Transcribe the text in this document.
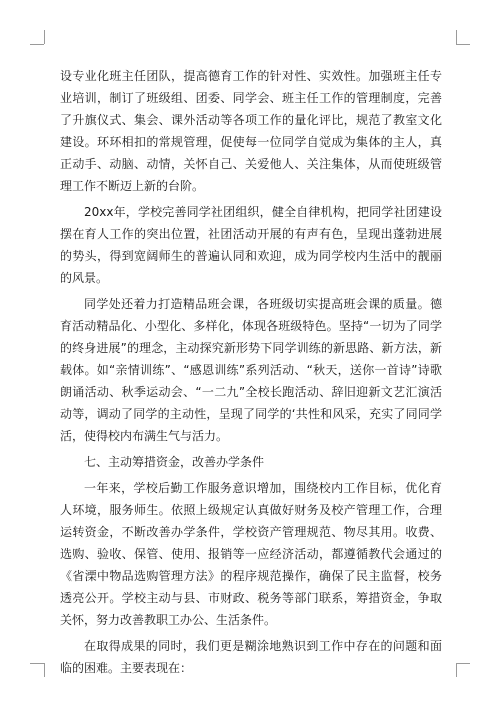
设专业化班主任团队，提高德育工作的针对性、实效性。加强班主任专业培训，制订了班级组、团委、同学会、班主任工作的管理制度，完善了升旗仪式、集会、课外活动等各项工作的量化评比，规范了教室文化建设。环环相扣的常规管理，促使每一位同学自觉成为集体的主人，真正动手、动脑、动情，关怀自己、关爱他人、关注集体，从而使班级管理工作不断迈上新的台阶。

20xx年，学校完善同学社团组织，健全自律机构，把同学社团建设摆在育人工作的突出位置，社团活动开展的有声有色，呈现出蓬勃进展的势头，得到宽阔师生的普遍认同和欢迎，成为同学校内生活中的靓丽的风景。

同学处还着力打造精品班会课，各班级切实提高班会课的质量。德育活动精品化、小型化、多样化，体现各班级特色。坚持“一切为了同学的终身进展”的理念，主动探究新形势下同学训练的新思路、新方法，新载体。如“亲情训练”、“感恩训练”系列活动、“秋天，送你一首诗”诗歌朗诵活动、秋季运动会、“一二九”全校长跑活动、辞旧迎新文艺汇演活动等，调动了同学的主动性，呈现了同学的‘共性和风采，充实了同同学活，使得校内布满生气与活力。

七、主动筹措资金，改善办学条件

一年来，学校后勤工作服务意识增加，围绕校内工作目标，优化育人环境，服务师生。依照上级规定认真做好财务及校产管理工作，合理运转资金，不断改善办学条件，学校资产管理规范、物尽其用。收费、选购、验收、保管、使用、报销等一应经济活动，都遵循教代会通过的《省溧中物品选购管理方法》的程序规范操作，确保了民主监督，校务透亮公开。学校主动与县、市财政、税务等部门联系，筹措资金，争取关怀，努力改善教职工办公、生活条件。

在取得成果的同时，我们更是糊涂地熟识到工作中存在的问题和面临的困难。主要表现在：
